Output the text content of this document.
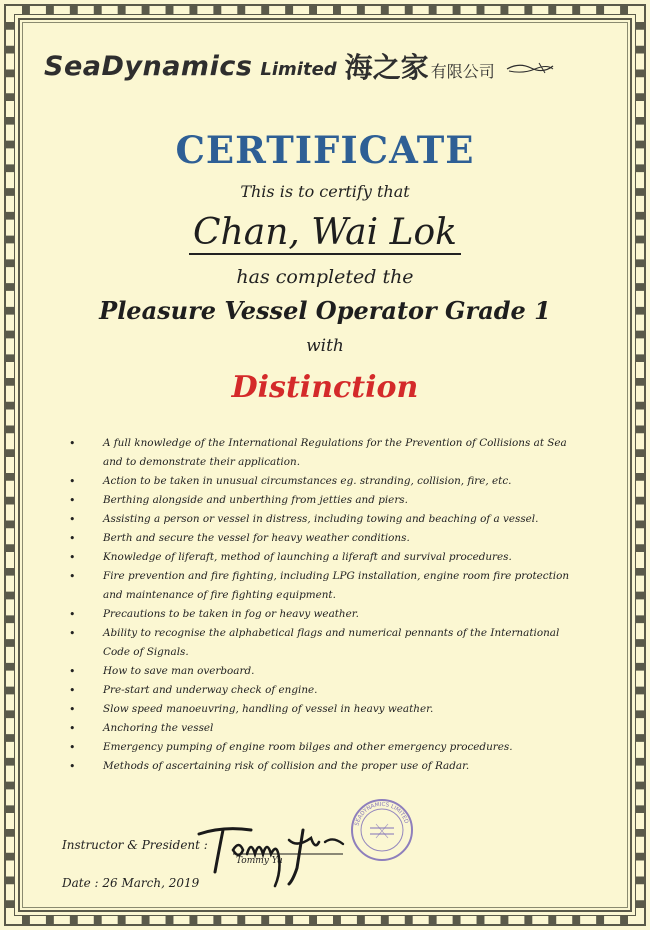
SeaDynamics Limited 海之家 有限公司
CERTIFICATE
This is to certify that
Chan, Wai Lok
has completed the
Pleasure Vessel Operator Grade 1
with
Distinction
• A full knowledge of the International Regulations for the Prevention of Collisions at Sea and to demonstrate their application.
• Action to be taken in unusual circumstances eg. stranding, collision, fire, etc.
• Berthing alongside and unberthing from jetties and piers.
• Assisting a person or vessel in distress, including towing and beaching of a vessel.
• Berth and secure the vessel for heavy weather conditions.
• Knowledge of liferaft, method of launching a liferaft and survival procedures.
• Fire prevention and fire fighting, including LPG installation, engine room fire protection and maintenance of fire fighting equipment.
• Precautions to be taken in fog or heavy weather.
• Ability to recognise the alphabetical flags and numerical pennants of the International Code of Signals.
• How to save man overboard.
• Pre-start and underway check of engine.
• Slow speed manoeuvring, handling of vessel in heavy weather.
• Anchoring the vessel
• Emergency pumping of engine room bilges and other emergency procedures.
• Methods of ascertaining risk of collision and the proper use of Radar.
Instructor & President :
Tommy Yu
Date : 26 March, 2019
SEADYNAMICS LIMITED
